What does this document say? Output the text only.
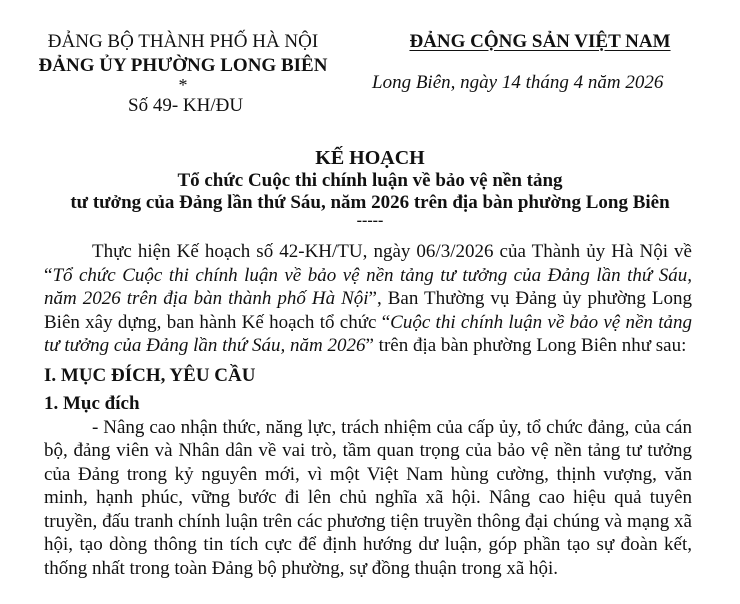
ĐẢNG BỘ THÀNH PHỐ HÀ NỘI
ĐẢNG ỦY PHƯỜNG LONG BIÊN
*
Số 49- KH/ĐU
ĐẢNG CỘNG SẢN VIỆT NAM
Long Biên, ngày 14 tháng 4 năm 2026
KẾ HOẠCH
Tổ chức Cuộc thi chính luận về bảo vệ nền tảng
tư tưởng của Đảng lần thứ Sáu, năm 2026 trên địa bàn phường Long Biên
-----

Thực hiện Kế hoạch số 42-KH/TU, ngày 06/3/2026 của Thành ủy Hà Nội về “Tổ chức Cuộc thi chính luận về bảo vệ nền tảng tư tưởng của Đảng lần thứ Sáu, năm 2026 trên địa bàn thành phố Hà Nội”, Ban Thường vụ Đảng ủy phường Long Biên xây dựng, ban hành Kế hoạch tổ chức “Cuộc thi chính luận về bảo vệ nền tảng tư tưởng của Đảng lần thứ Sáu, năm 2026” trên địa bàn phường Long Biên như sau:

I. MỤC ĐÍCH, YÊU CẦU

1. Mục đích

- Nâng cao nhận thức, năng lực, trách nhiệm của cấp ủy, tổ chức đảng, của cán bộ, đảng viên và Nhân dân về vai trò, tầm quan trọng của bảo vệ nền tảng tư tưởng của Đảng trong kỷ nguyên mới, vì một Việt Nam hùng cường, thịnh vượng, văn minh, hạnh phúc, vững bước đi lên chủ nghĩa xã hội. Nâng cao hiệu quả tuyên truyền, đấu tranh chính luận trên các phương tiện truyền thông đại chúng và mạng xã hội, tạo dòng thông tin tích cực để định hướng dư luận, góp phần tạo sự đoàn kết, thống nhất trong toàn Đảng bộ phường, sự đồng thuận trong xã hội.
